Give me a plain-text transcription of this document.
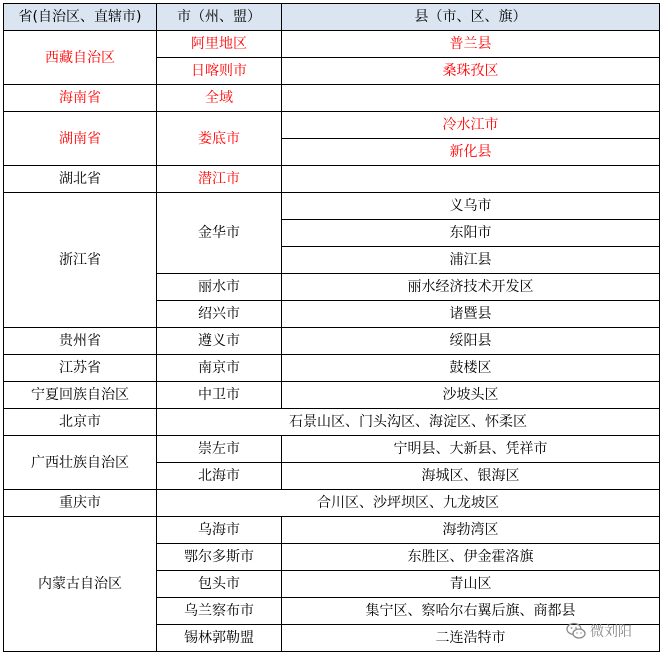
省(自治区、直辖市)	市（州、盟）	县（市、区、旗）
西藏自治区	阿里地区	普兰县
	日喀则市	桑珠孜区
海南省	全域	
湖南省	娄底市	冷水江市
		新化县
湖北省	潜江市	
浙江省	金华市	义乌市
		东阳市
		浦江县
	丽水市	丽水经济技术开发区
	绍兴市	诸暨县
贵州省	遵义市	绥阳县
江苏省	南京市	鼓楼区
宁夏回族自治区	中卫市	沙坡头区
北京市	石景山区、门头沟区、海淀区、怀柔区	
广西壮族自治区	崇左市	宁明县、大新县、凭祥市
	北海市	海城区、银海区
重庆市	合川区、沙坪坝区、九龙坡区	
内蒙古自治区	乌海市	海勃湾区
	鄂尔多斯市	东胜区、伊金霍洛旗
	包头市	青山区
	乌兰察布市	集宁区、察哈尔右翼后旗、商都县
	锡林郭勒盟	二连浩特市	微刘阳
